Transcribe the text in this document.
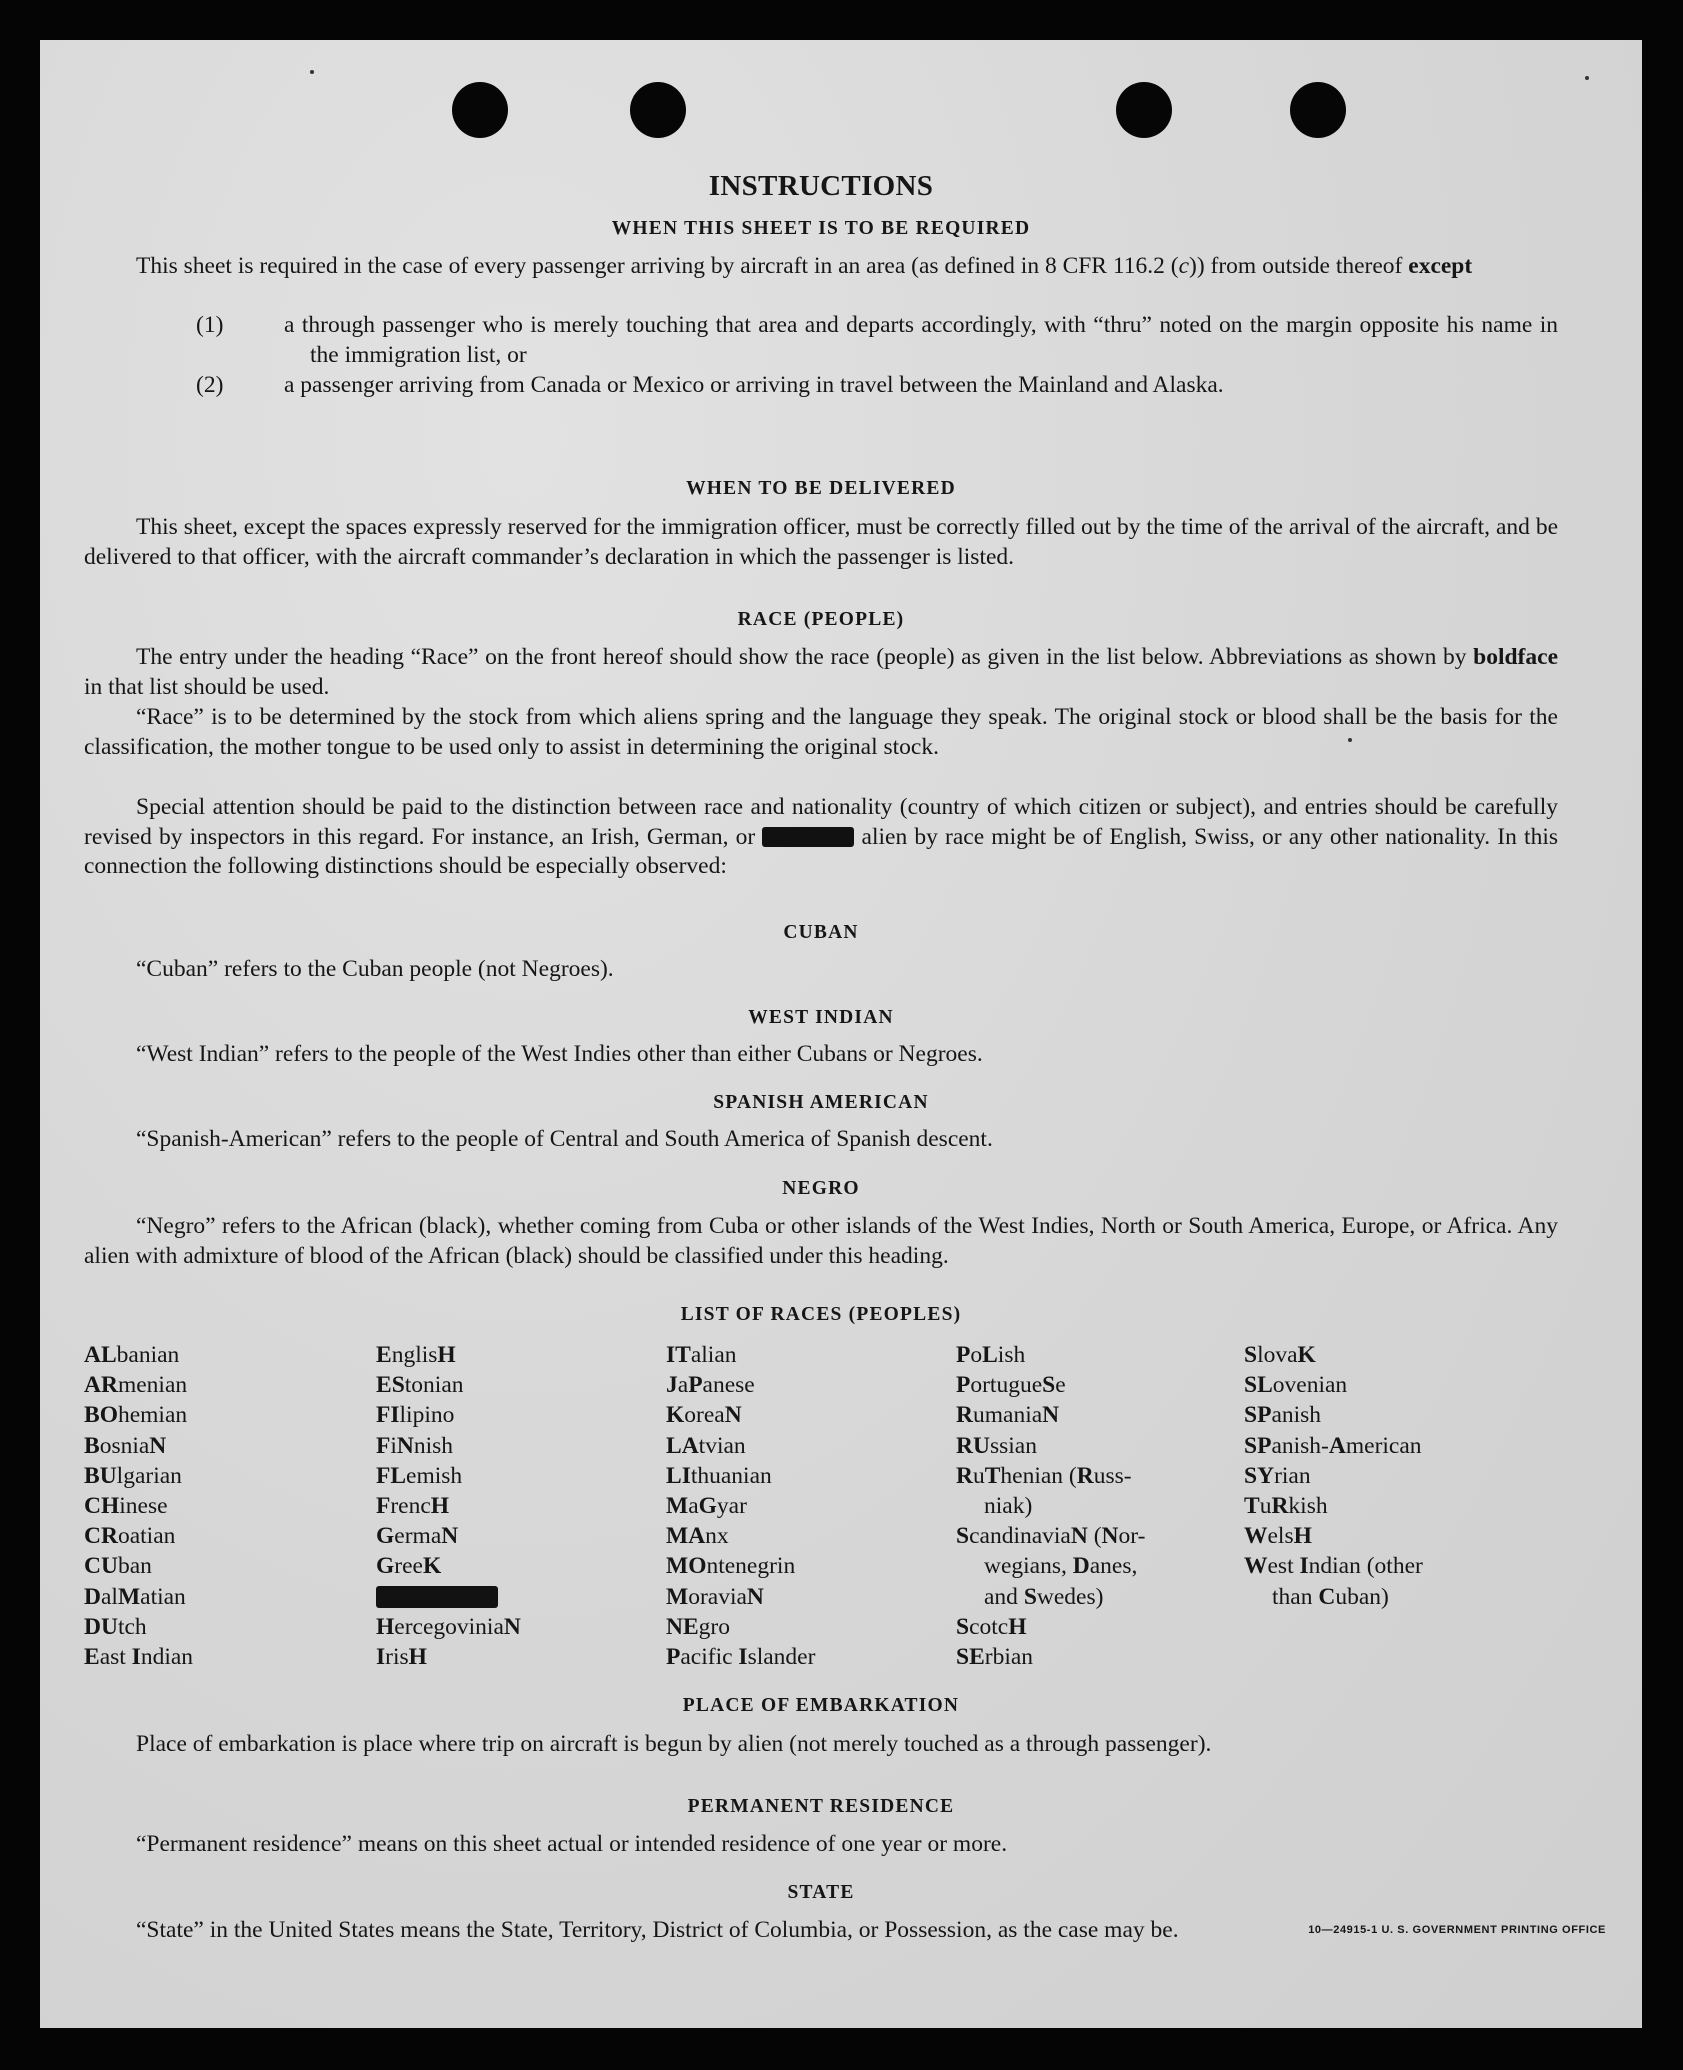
INSTRUCTIONS
WHEN THIS SHEET IS TO BE REQUIRED

This sheet is required in the case of every passenger arriving by aircraft in an area (as defined in 8 CFR 116.2 (c)) from outside thereof except

(1)	a through passenger who is merely touching that area and departs accordingly, with “thru” noted on the margin opposite his name in the immigration list, or
(2)	a passenger arriving from Canada or Mexico or arriving in travel between the Mainland and Alaska.
WHEN TO BE DELIVERED

This sheet, except the spaces expressly reserved for the immigration officer, must be correctly filled out by the time of the arrival of the aircraft, and be delivered to that officer, with the aircraft commander’s declaration in which the passenger is listed.

RACE (PEOPLE)

The entry under the heading “Race” on the front hereof should show the race (people) as given in the list below. Abbreviations as shown by boldface in that list should be used.

“Race” is to be determined by the stock from which aliens spring and the language they speak. The original stock or blood shall be the basis for the classification, the mother tongue to be used only to assist in determining the original stock.

Special attention should be paid to the distinction between race and nationality (country of which citizen or subject), and entries should be carefully revised by inspectors in this regard. For instance, an Irish, German, or	alien by race might be of English, Swiss, or any other nationality. In this connection the following distinctions should be especially observed:

CUBAN

“Cuban” refers to the Cuban people (not Negroes).

WEST INDIAN

“West Indian” refers to the people of the West Indies other than either Cubans or Negroes.

SPANISH AMERICAN

“Spanish-American” refers to the people of Central and South America of Spanish descent.

NEGRO

“Negro” refers to the African (black), whether coming from Cuba or other islands of the West Indies, North or South America, Europe, or Africa. Any alien with admixture of blood of the African (black) should be classified under this heading.

LIST OF RACES (PEOPLES)
ALbanian
ARmenian
BOhemian
BosniaN
BUlgarian
CHinese
CRoatian
CUban
DalMatian
DUtch
East Indian
EnglisH
EStonian
FIlipino
FiNnish
FLemish
FrencH
GermaN
GreeK
HercegoviniaN
IrisH
ITalian
JaPanese
KoreaN
LAtvian
LIthuanian
MaGyar
MAnx
MOntenegrin
MoraviaN
NEgro
Pacific Islander
PoLish
PortugueSe
RumaniaN
RUssian
RuThenian (Russ-
niak)
ScandinaviaN (Nor-
wegians, Danes,
and Swedes)
ScotcH
SErbian
SlovaK
SLovenian
SPanish
SPanish-American
SYrian
TuRkish
WelsH
West Indian (other
than Cuban)
PLACE OF EMBARKATION

Place of embarkation is place where trip on aircraft is begun by alien (not merely touched as a through passenger).

PERMANENT RESIDENCE

“Permanent residence” means on this sheet actual or intended residence of one year or more.

STATE

“State” in the United States means the State, Territory, District of Columbia, or Possession, as the case may be.	10—24915-1 U. S. GOVERNMENT PRINTING OFFICE
